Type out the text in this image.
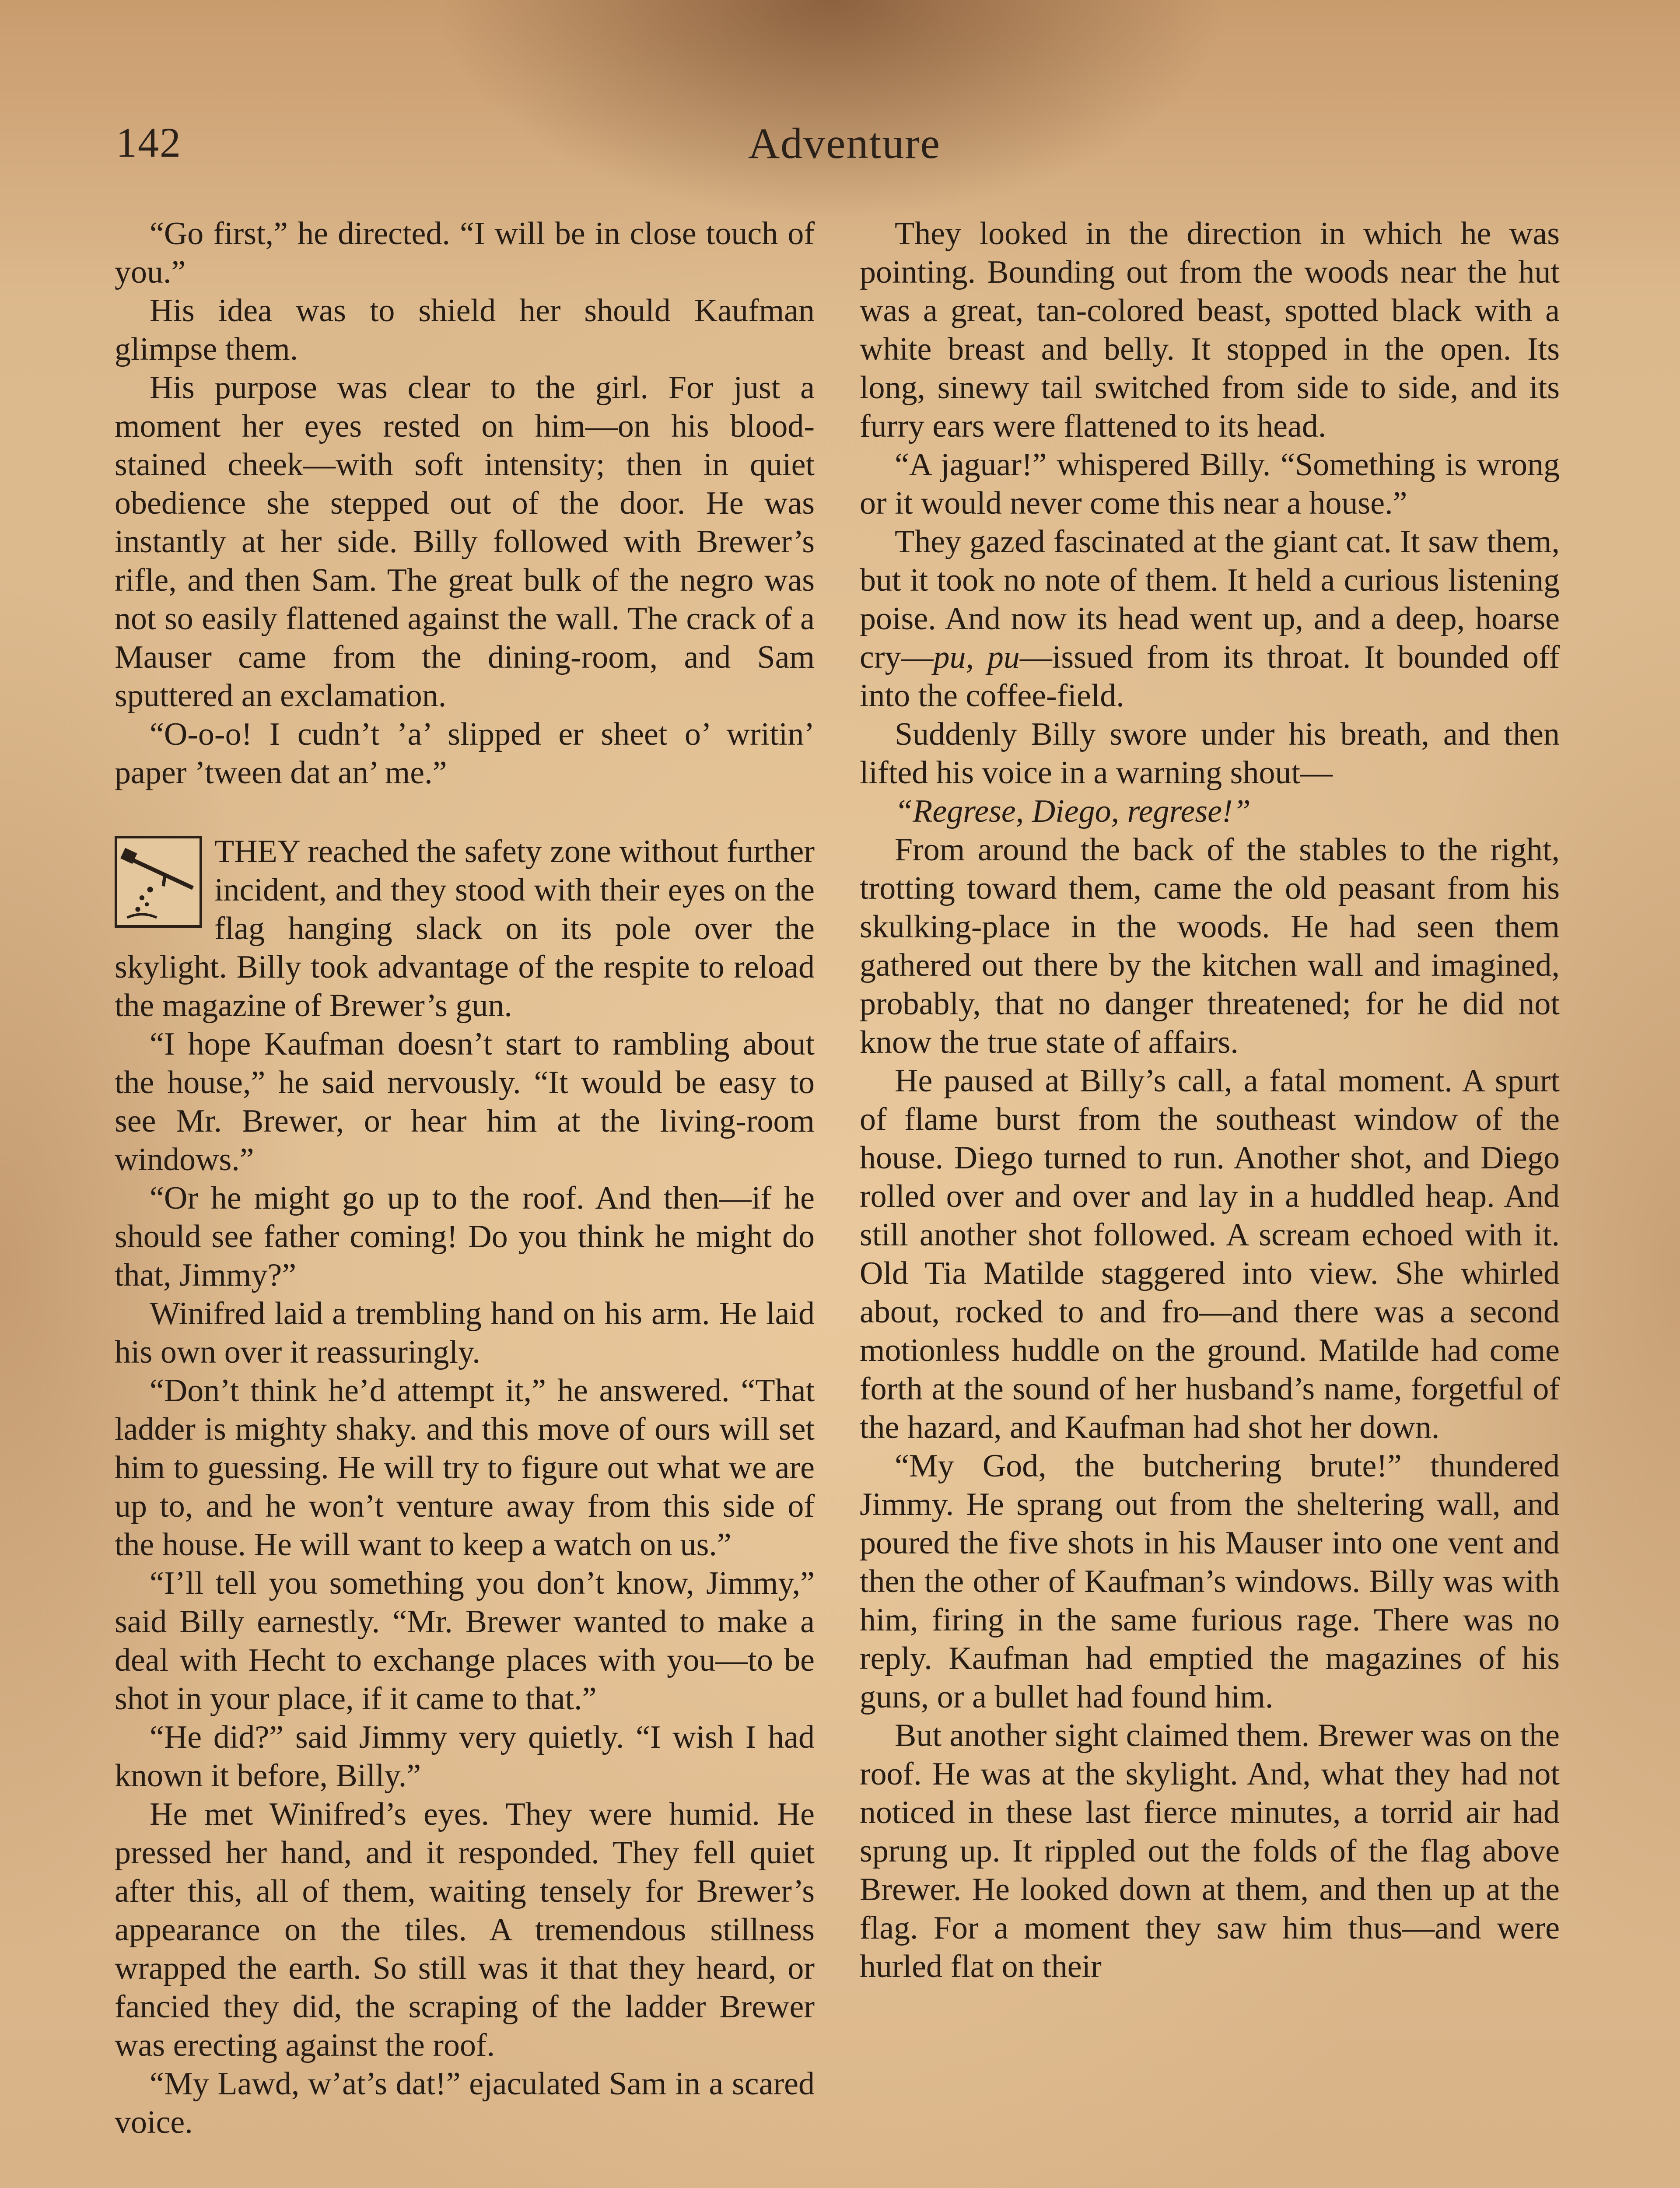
142	Adventure

“Go first,” he directed. “I will be in close touch of you.”

His idea was to shield her should Kaufman glimpse them.

His purpose was clear to the girl. For just a moment her eyes rested on him—on his blood-stained cheek—with soft intensity; then in quiet obedience she stepped out of the door. He was instantly at her side. Billy followed with Brewer’s rifle, and then Sam. The great bulk of the negro was not so easily flattened against the wall. The crack of a Mauser came from the dining-room, and Sam sputtered an exclamation.

“O-o-o! I cudn’t ’a’ slipped er sheet o’ writin’ paper ’tween dat an’ me.”

THEY reached the safety zone without further incident, and they stood with their eyes on the flag hanging slack on its pole over the skylight. Billy took advantage of the respite to reload the magazine of Brewer’s gun.

“I hope Kaufman doesn’t start to rambling about the house,” he said nervously. “It would be easy to see Mr. Brewer, or hear him at the living-room windows.”

“Or he might go up to the roof. And then—if he should see father coming! Do you think he might do that, Jimmy?”

Winifred laid a trembling hand on his arm. He laid his own over it reassuringly.

“Don’t think he’d attempt it,” he answered. “That ladder is mighty shaky. and this move of ours will set him to guessing. He will try to figure out what we are up to, and he won’t venture away from this side of the house. He will want to keep a watch on us.”

“I’ll tell you something you don’t know, Jimmy,” said Billy earnestly. “Mr. Brewer wanted to make a deal with Hecht to exchange places with you—to be shot in your place, if it came to that.”

“He did?” said Jimmy very quietly. “I wish I had known it before, Billy.”

He met Winifred’s eyes. They were humid. He pressed her hand, and it responded. They fell quiet after this, all of them, waiting tensely for Brewer’s appearance on the tiles. A tremendous stillness wrapped the earth. So still was it that they heard, or fancied they did, the scraping of the ladder Brewer was erecting against the roof.

“My Lawd, w’at’s dat!” ejaculated Sam in a scared voice.

They looked in the direction in which he was pointing. Bounding out from the woods near the hut was a great, tan-colored beast, spotted black with a white breast and belly. It stopped in the open. Its long, sinewy tail switched from side to side, and its furry ears were flattened to its head.

“A jaguar!” whispered Billy. “Something is wrong or it would never come this near a house.”

They gazed fascinated at the giant cat. It saw them, but it took no note of them. It held a curious listening poise. And now its head went up, and a deep, hoarse cry—pu, pu—issued from its throat. It bounded off into the coffee-field.

Suddenly Billy swore under his breath, and then lifted his voice in a warning shout—

“Regrese, Diego, regrese!”

From around the back of the stables to the right, trotting toward them, came the old peasant from his skulking-place in the woods. He had seen them gathered out there by the kitchen wall and imagined, probably, that no danger threatened; for he did not know the true state of affairs.

He paused at Billy’s call, a fatal moment. A spurt of flame burst from the southeast window of the house. Diego turned to run. Another shot, and Diego rolled over and over and lay in a huddled heap. And still another shot followed. A scream echoed with it. Old Tia Matilde staggered into view. She whirled about, rocked to and fro—and there was a second motionless huddle on the ground. Matilde had come forth at the sound of her husband’s name, forgetful of the hazard, and Kaufman had shot her down.

“My God, the butchering brute!” thundered Jimmy. He sprang out from the sheltering wall, and poured the five shots in his Mauser into one vent and then the other of Kaufman’s windows. Billy was with him, firing in the same furious rage. There was no reply. Kaufman had emptied the magazines of his guns, or a bullet had found him.

But another sight claimed them. Brewer was on the roof. He was at the skylight. And, what they had not noticed in these last fierce minutes, a torrid air had sprung up. It rippled out the folds of the flag above Brewer. He looked down at them, and then up at the flag. For a moment they saw him thus—and were hurled flat on their
